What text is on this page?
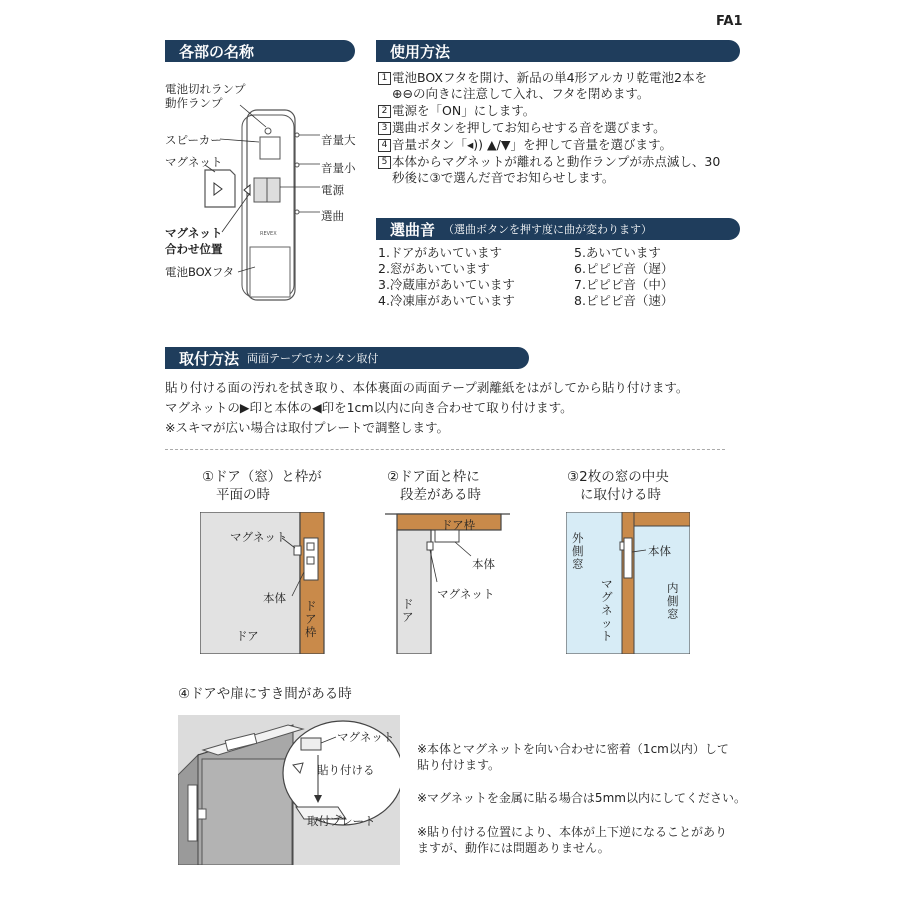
FA1
各部の名称
電池切れランプ
動作ランプ
スピーカー
マグネット
マグネット
合わせ位置
電池BOXフタ
音量大
音量小
電源
選曲
REVEX
使用方法
1 電池BOXフタを開け、新品の単4形アルカリ乾電池2本を
⊕⊖の向きに注意して入れ、フタを閉めます。
2 電源を「ON」にします。
3 選曲ボタンを押してお知らせする音を選びます。
4 音量ボタン「◂)) ▲/▼」を押して音量を選びます。
5 本体からマグネットが離れると動作ランプが赤点滅し、30
秒後に③で選んだ音でお知らせします。
選曲音 （選曲ボタンを押す度に曲が変わります）
1.ドアがあいています
2.窓があいています
3.冷蔵庫があいています
4.冷凍庫があいています
5.あいています
6.ピピピ音（遅）
7.ピピピ音（中）
8.ピピピ音（速）
取付方法 両面テープでカンタン取付
貼り付ける面の汚れを拭き取り、本体裏面の両面テープ剥離紙をはがしてから貼り付けます。
マグネットの▶印と本体の◀印を1cm以内に向き合わせて取り付けます。
※スキマが広い場合は取付プレートで調整します。
①ドア（窓）と枠が
平面の時
②ドア面と枠に
段差がある時
③2枚の窓の中央
に取付ける時
マグネット
本体
ドア
ドア枠
ドア枠
本体
マグネット
ドア
外側窓
本体
マグネット
内側窓
④ドアや扉にすき間がある時
マグネット
貼り付ける
取付プレート
※本体とマグネットを向い合わせに密着（1cm以内）して
貼り付けます。
※マグネットを金属に貼る場合は5mm以内にしてください。
※貼り付ける位置により、本体が上下逆になることがあり
ますが、動作には問題ありません。
